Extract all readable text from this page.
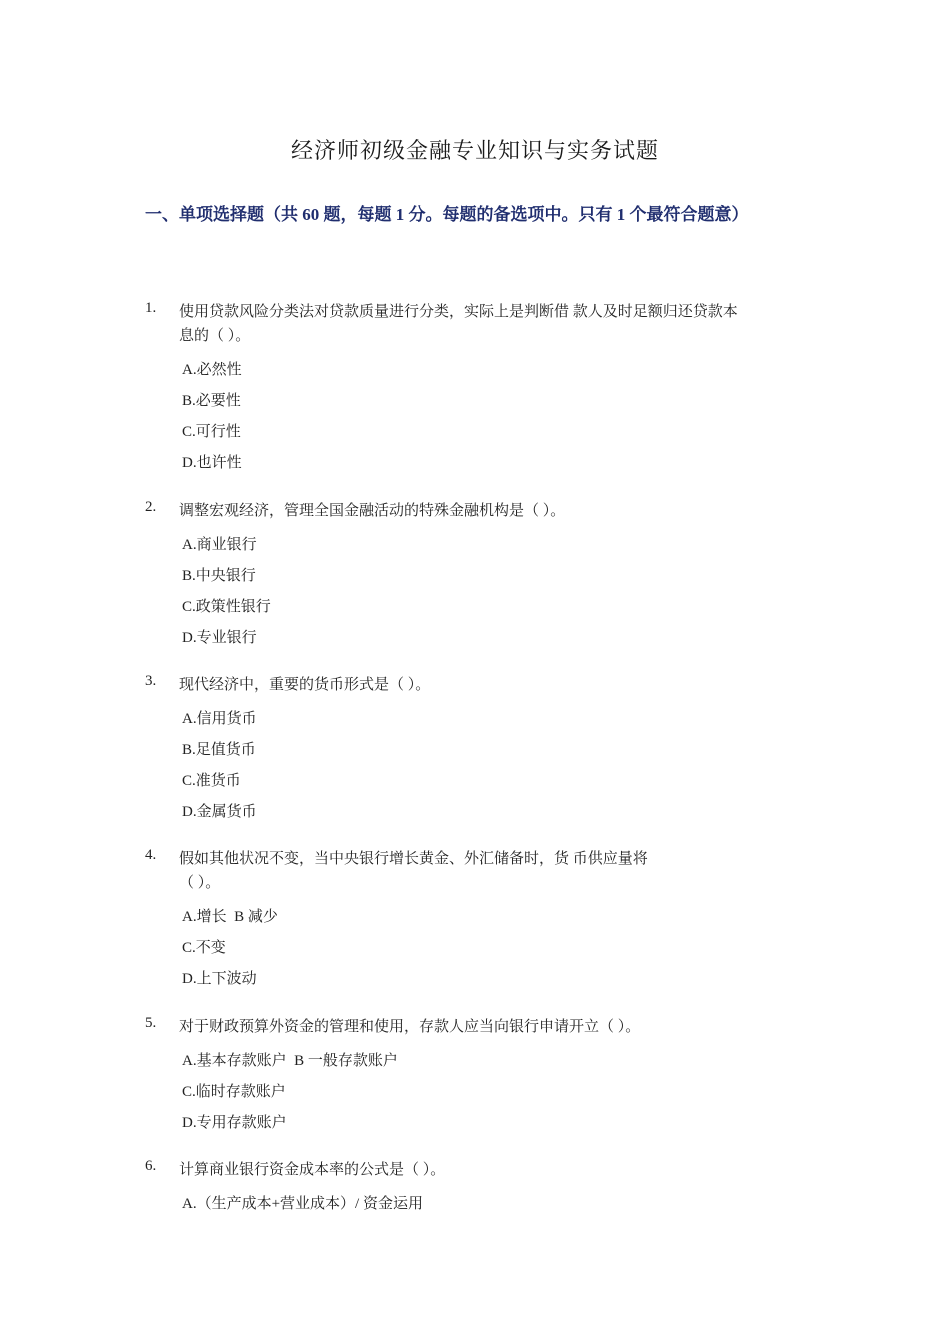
经济师初级金融专业知识与实务试题
一、单项选择题（共 60 题，每题 1 分。每题的备选项中。只有 1 个最符合题意）
1. 使用贷款风险分类法对贷款质量进行分类，实际上是判断借 款人及时足额归还贷款本
息的（ ）。
A.必然性
B.必要性
C.可行性
D.也许性
2. 调整宏观经济，管理全国金融活动的特殊金融机构是（ ）。
A.商业银行
B.中央银行
C.政策性银行
D.专业银行
3. 现代经济中，重要的货币形式是（ ）。
A.信用货币
B.足值货币
C.准货币
D.金属货币
4. 假如其他状况不变，当中央银行增长黄金、外汇储备时，货 币供应量将
（ ）。
A.增长  B 减少
C.不变
D.上下波动
5. 对于财政预算外资金的管理和使用，存款人应当向银行申请开立（ ）。
A.基本存款账户  B 一般存款账户
C.临时存款账户
D.专用存款账户
6. 计算商业银行资金成本率的公式是（ ）。
A.（生产成本+营业成本）/ 资金运用
